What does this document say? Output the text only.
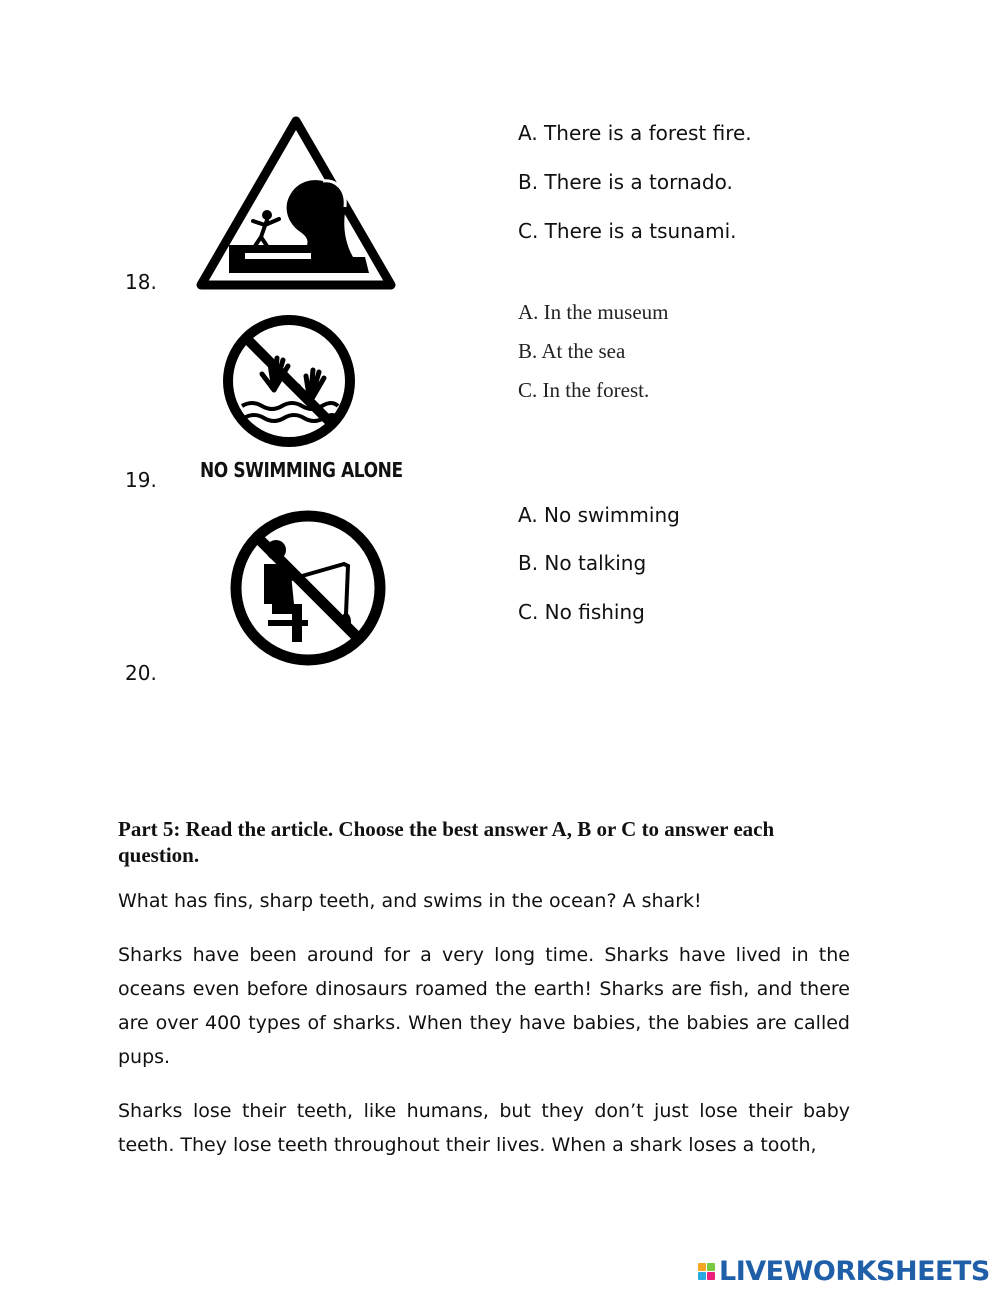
18.
A. There is a forest fire.
B. There is a tornado.
C. There is a tsunami.
19. NO SWIMMING ALONE
A. In the museum
B. At the sea
C. In the forest.
20.
A. No swimming
B. No talking
C. No fishing
Part 5: Read the article. Choose the best answer A, B or C to answer each question.
What has fins, sharp teeth, and swims in the ocean? A shark!
Sharks have been around for a very long time. Sharks have lived in the oceans even before dinosaurs roamed the earth! Sharks are fish, and there are over 400 types of sharks. When they have babies, the babies are called pups.
Sharks lose their teeth, like humans, but they don’t just lose their baby teeth. They lose teeth throughout their lives. When a shark loses a tooth,
LIVEWORKSHEETS
